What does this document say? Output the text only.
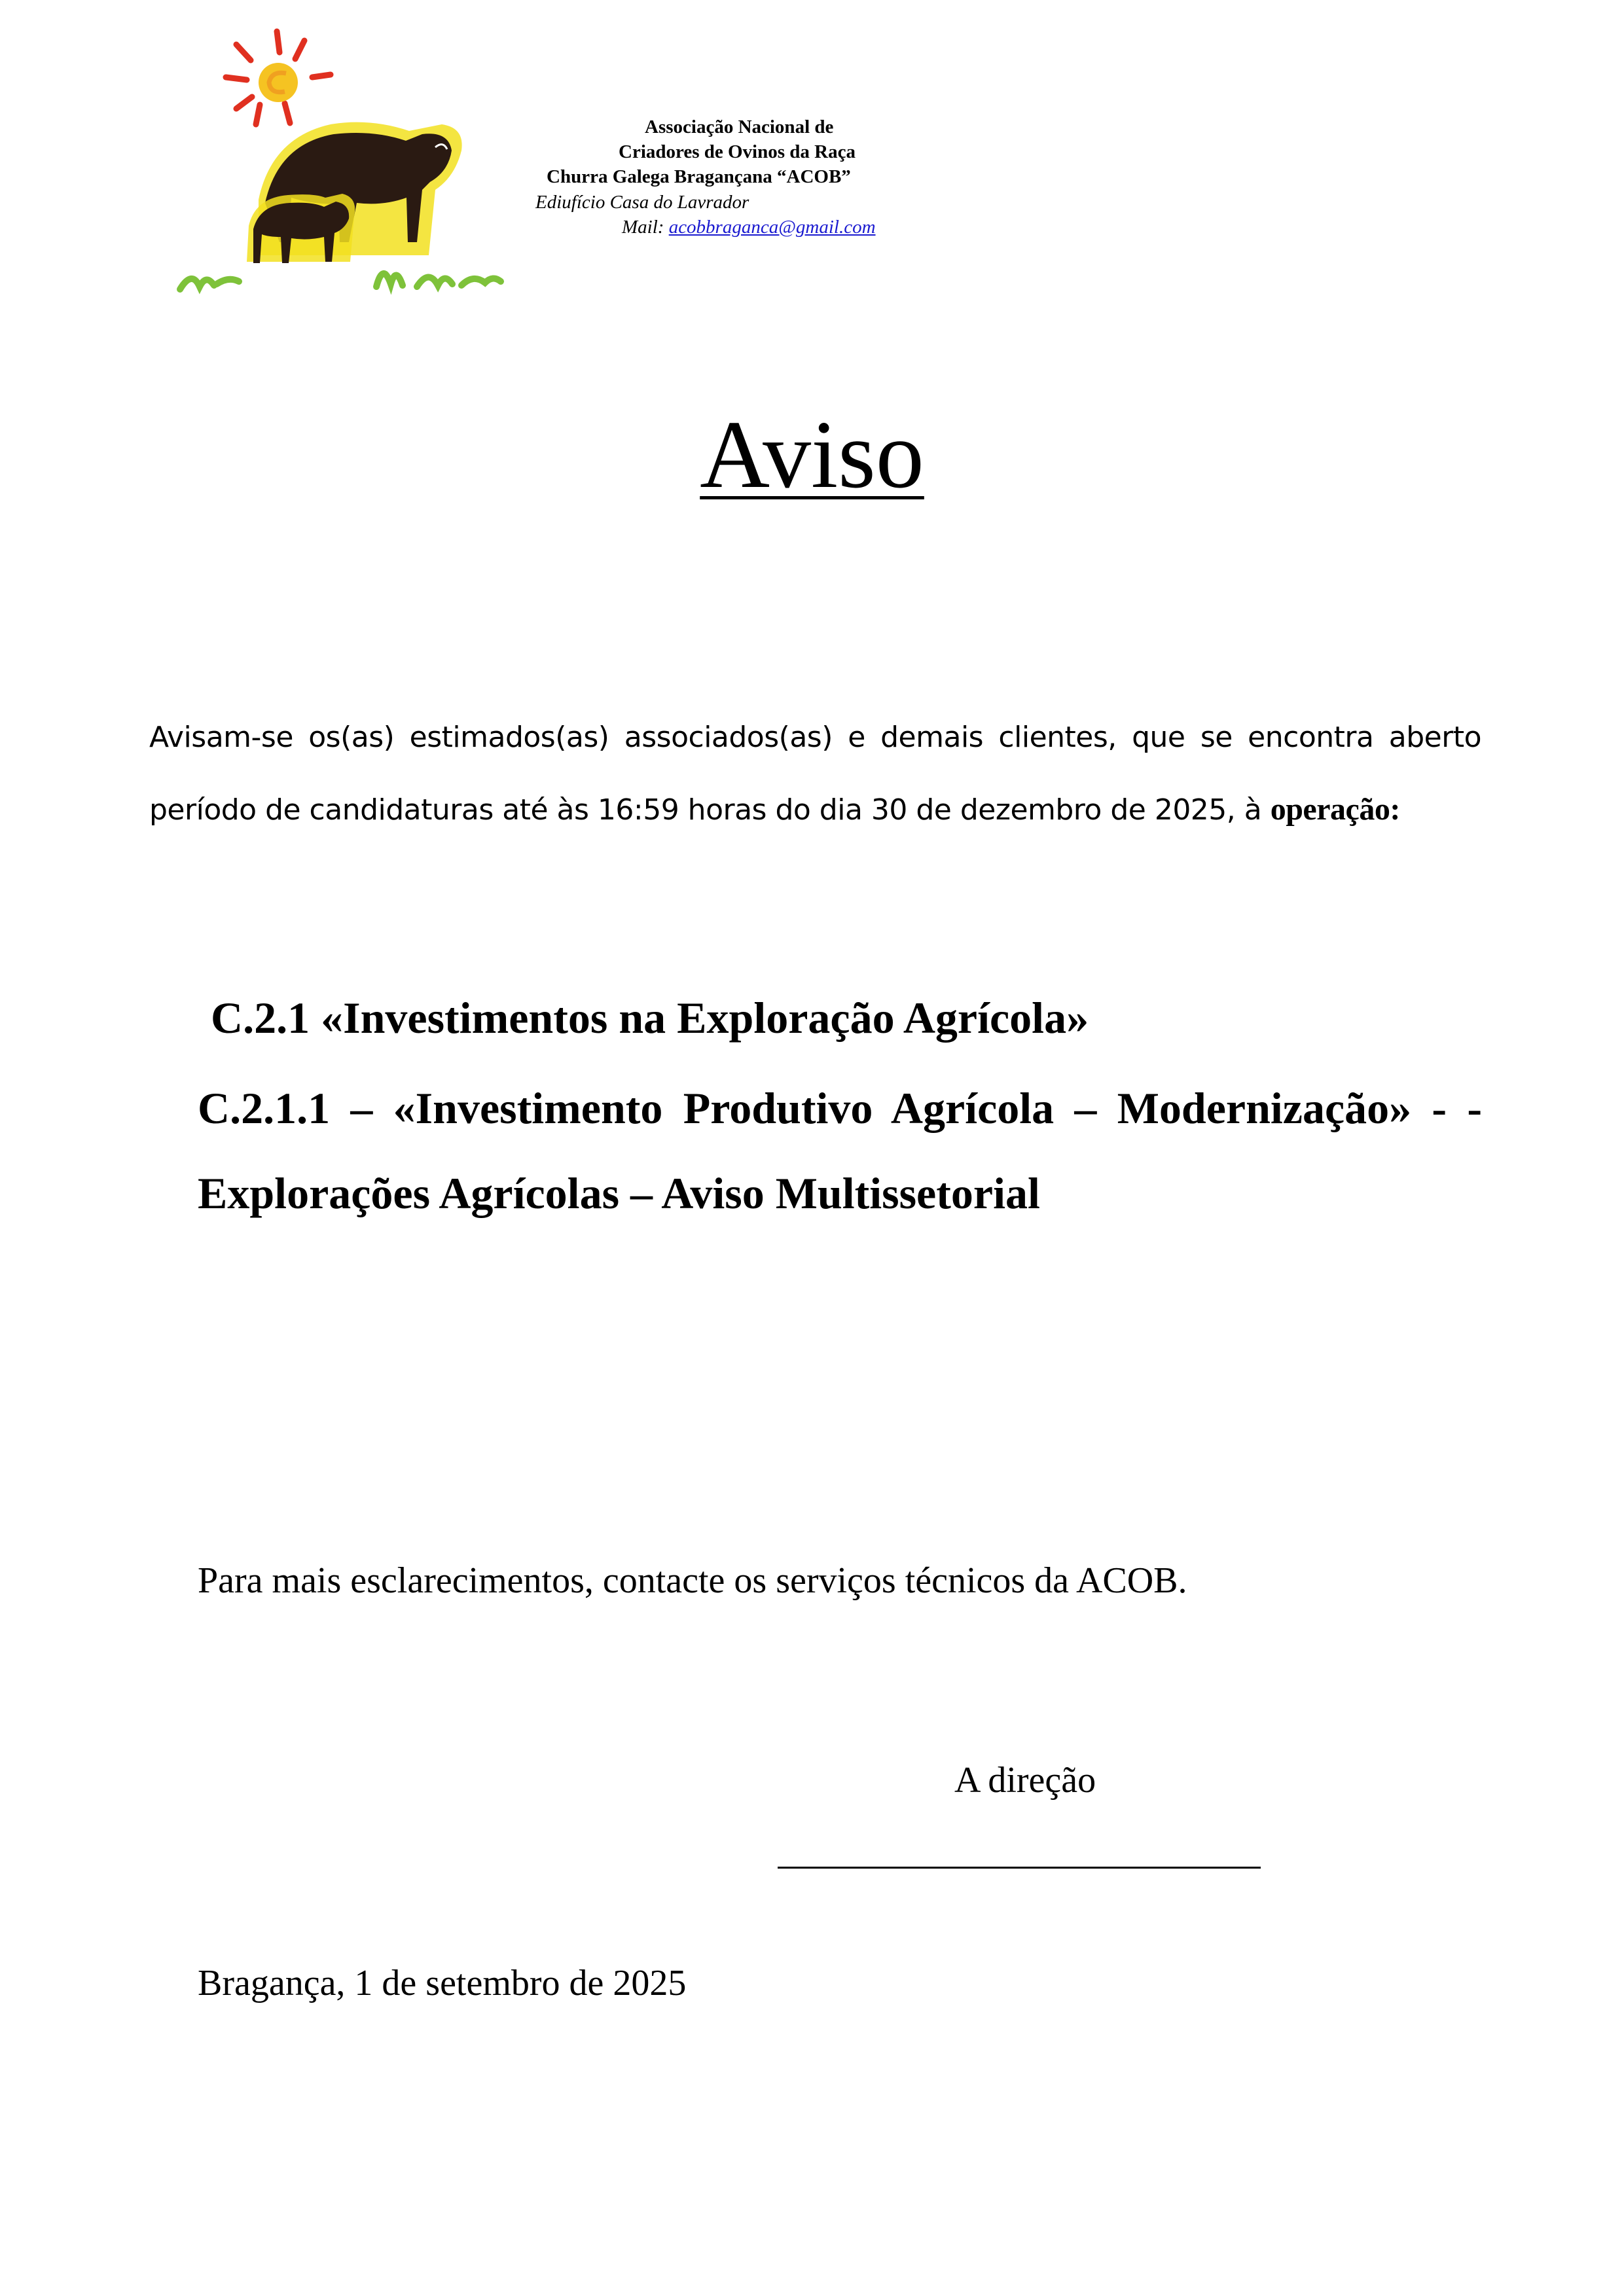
Associação Nacional de
Criadores de Ovinos da Raça
Churra Galega Bragançana “ACOB”
Ediufício Casa do Lavrador
Mail: acobbraganca@gmail.com
Aviso
Avisam-se os(as) estimados(as) associados(as) e demais clientes, que se encontra aberto período de candidaturas até às 16:59 horas do dia 30 de dezembro de 2025, à operação:
C.2.1 «Investimentos na Exploração Agrícola»
C.2.1.1 – «Investimento Produtivo Agrícola – Modernização» - - Explorações Agrícolas – Aviso Multissetorial
Para mais esclarecimentos, contacte os serviços técnicos da ACOB.
A direção
Bragança, 1 de setembro de 2025
